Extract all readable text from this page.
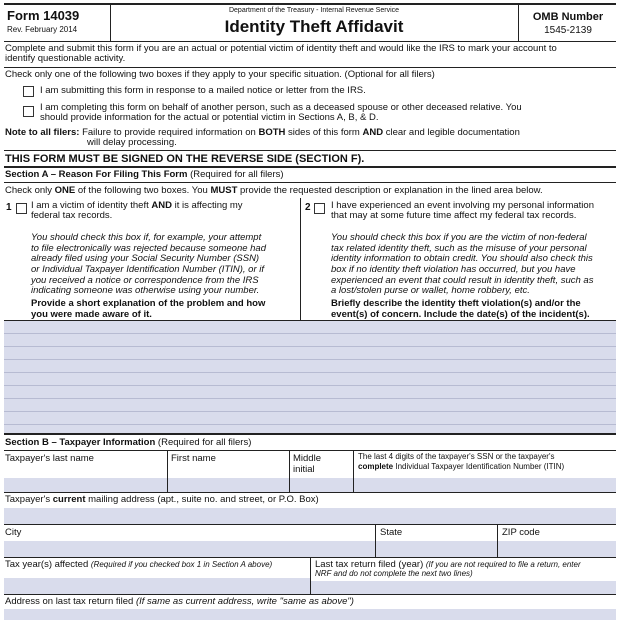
Form 14039
Rev. February 2014
Department of the Treasury - Internal Revenue Service
Identity Theft Affidavit	OMB Number
1545-2139
Complete and submit this form if you are an actual or potential victim of identity theft and would like the IRS to mark your account to
identify questionable activity.
Check only one of the following two boxes if they apply to your specific situation. (Optional for all filers)
I am submitting this form in response to a mailed notice or letter from the IRS.
I am completing this form on behalf of another person, such as a deceased spouse or other deceased relative. You
should provide information for the actual or potential victim in Sections A, B, & D.
Note to all filers: Failure to provide required information on BOTH sides of this form AND clear and legible documentation
will delay processing.
THIS FORM MUST BE SIGNED ON THE REVERSE SIDE (SECTION F).
Section A – Reason For Filing This Form (Required for all filers)
Check only ONE of the following two boxes. You MUST provide the requested description or explanation in the lined area below.
1 I am a victim of identity theft AND it is affecting my
federal tax records.
You should check this box if, for example, your attempt
to file electronically was rejected because someone had
already filed using your Social Security Number (SSN)
or Individual Taxpayer Identification Number (ITIN), or if
you received a notice or correspondence from the IRS
indicating someone was otherwise using your number.
Provide a short explanation of the problem and how
you were made aware of it.
2 I have experienced an event involving my personal information
that may at some future time affect my federal tax records.
You should check this box if you are the victim of non-federal
tax related identity theft, such as the misuse of your personal
identity information to obtain credit. You should also check this
box if no identity theft violation has occurred, but you have
experienced an event that could result in identity theft, such as
a lost/stolen purse or wallet, home robbery, etc.
Briefly describe the identity theft violation(s) and/or the
event(s) of concern. Include the date(s) of the incident(s).
Section B – Taxpayer Information (Required for all filers)
Taxpayer's last name	First name	Middle
initial
The last 4 digits of the taxpayer's SSN or the taxpayer's
complete Individual Taxpayer Identification Number (ITIN)
Taxpayer's current mailing address (apt., suite no. and street, or P.O. Box)
City	State	ZIP code
Tax year(s) affected (Required if you checked box 1 in Section A above)	Last tax return filed (year) (If you are not required to file a return, enter
NRF and do not complete the next two lines)
Address on last tax return filed (If same as current address, write "same as above")
